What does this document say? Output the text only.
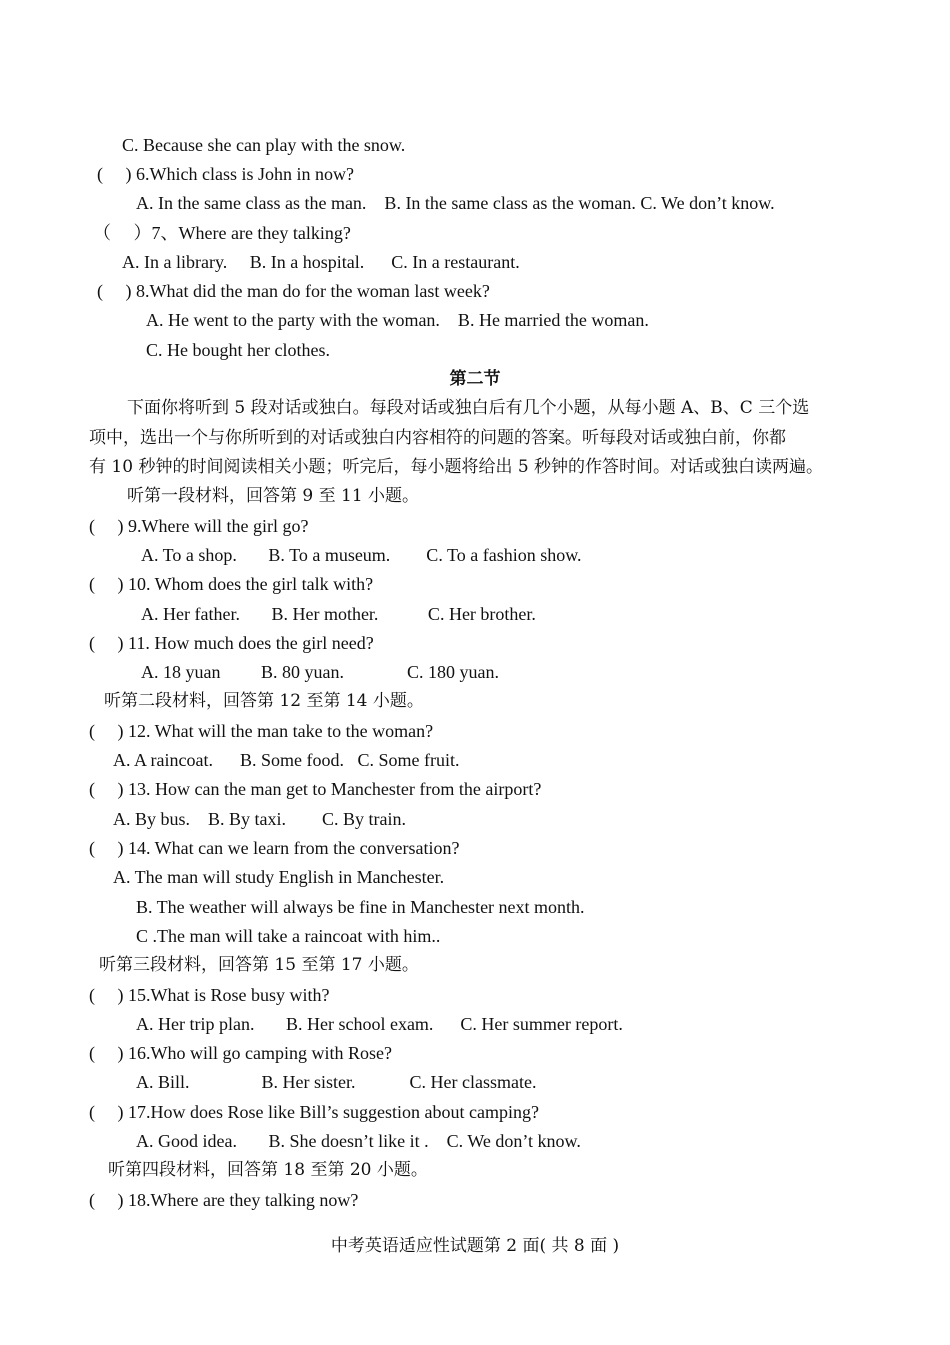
C. Because she can play with the snow.
(     ) 6.Which class is John in now?
A. In the same class as the man.    B. In the same class as the woman. C. We don’t know.
（     ）7、Where are they talking?
A. In a library.     B. In a hospital.      C. In a restaurant.
(     ) 8.What did the man do for the woman last week?
A. He went to the party with the woman.    B. He married the woman.
C. He bought her clothes.
第二节
下面你将听到 5 段对话或独白。每段对话或独白后有几个小题，从每小题 A、B、C 三个选
项中，选出一个与你所听到的对话或独白内容相符的问题的答案。听每段对话或独白前，你都
有 10 秒钟的时间阅读相关小题；听完后，每小题将给出 5 秒钟的作答时间。对话或独白读两遍。
听第一段材料，回答第 9 至 11 小题。
(     ) 9.Where will the girl go?
A. To a shop.       B. To a museum.        C. To a fashion show.
(     ) 10. Whom does the girl talk with?
A. Her father.       B. Her mother.           C. Her brother.
(     ) 11. How much does the girl need?
A. 18 yuan         B. 80 yuan.              C. 180 yuan.
听第二段材料，回答第 12 至第 14 小题。
(     ) 12. What will the man take to the woman?
A. A raincoat.      B. Some food.   C. Some fruit.
(     ) 13. How can the man get to Manchester from the airport?
A. By bus.    B. By taxi.        C. By train.
(     ) 14. What can we learn from the conversation?
A. The man will study English in Manchester.
B. The weather will always be fine in Manchester next month.
C .The man will take a raincoat with him..
听第三段材料，回答第 15 至第 17 小题。
(     ) 15.What is Rose busy with?
A. Her trip plan.       B. Her school exam.      C. Her summer report.
(     ) 16.Who will go camping with Rose?
A. Bill.                B. Her sister.            C. Her classmate.
(     ) 17.How does Rose like Bill’s suggestion about camping?
A. Good idea.       B. She doesn’t like it .    C. We don’t know.
听第四段材料，回答第 18 至第 20 小题。
(     ) 18.Where are they talking now?
中考英语适应性试题第 2 面( 共 8 面 )
